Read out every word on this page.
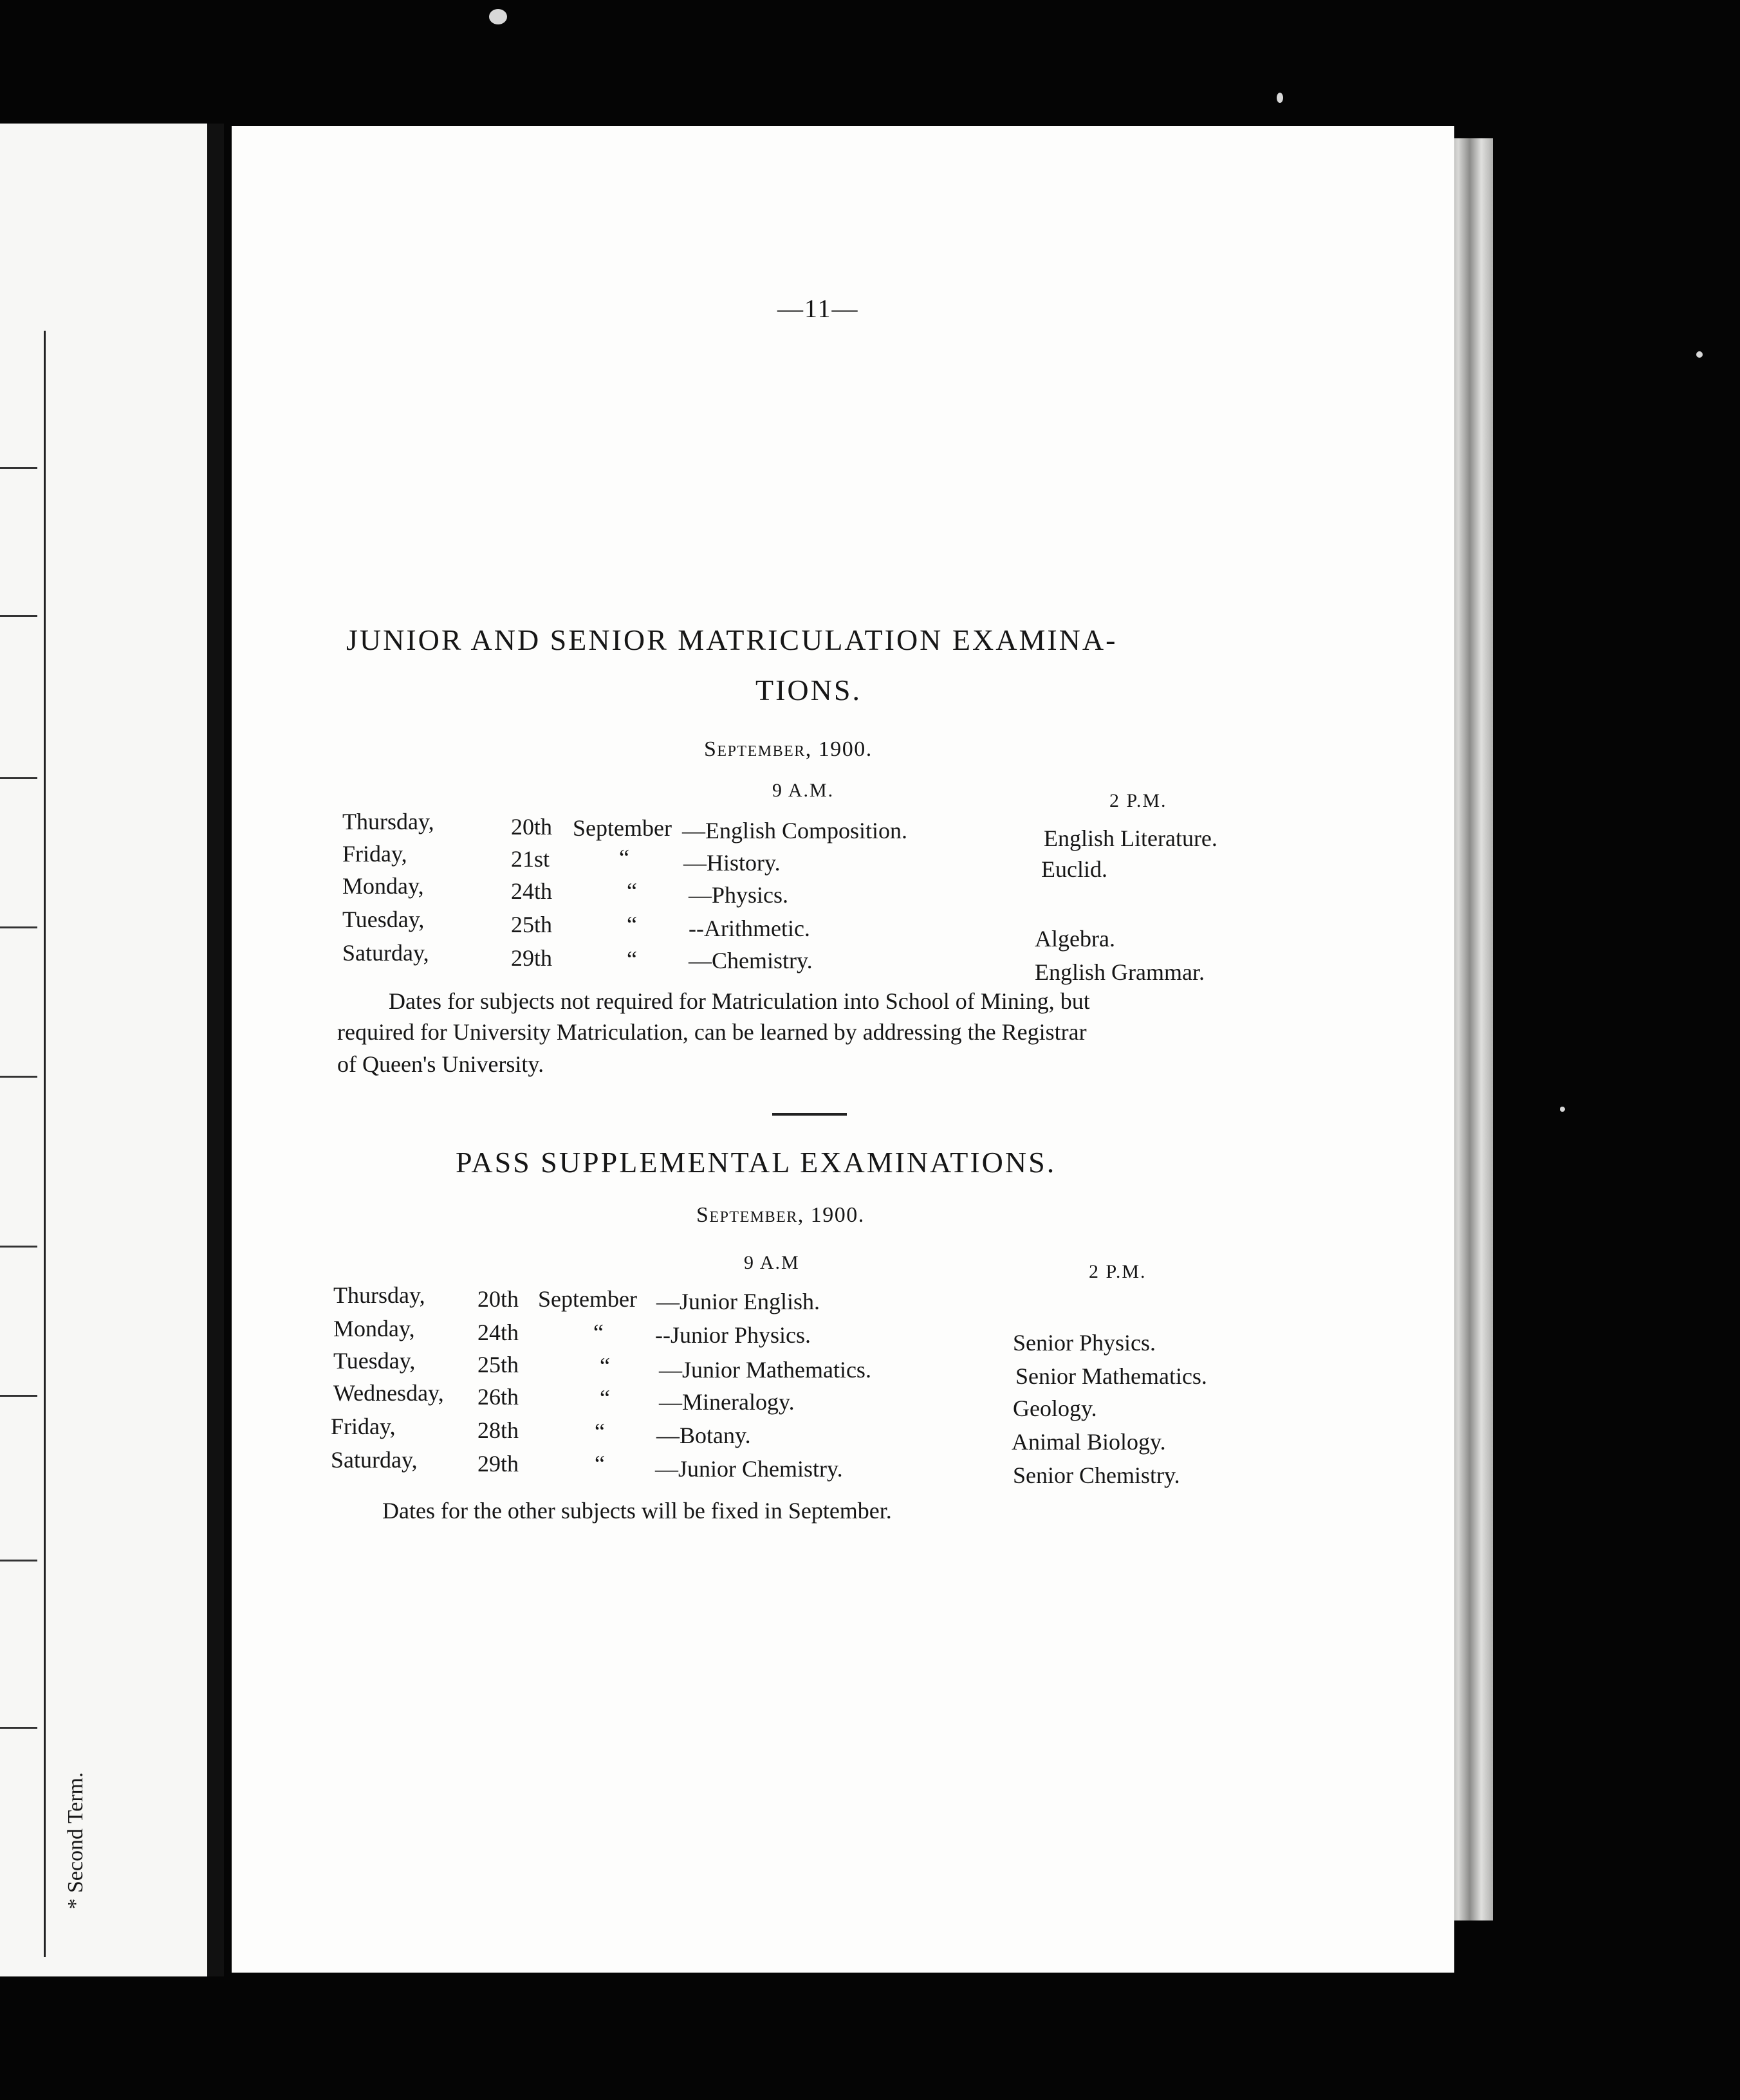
* Second Term.
—11—
JUNIOR AND SENIOR MATRICULATION EXAMINA-
TIONS.
September, 1900.
9 A.M.	2 P.M.
Thursday,	20th September —English Composition.	English Literature.
Friday,	21st	“ —History.	Euclid.
Monday,	24th	“ —Physics.
Tuesday,	25th	“ --Arithmetic.	Algebra.
Saturday,	29th	“ —Chemistry.	English Grammar.
Dates for subjects not required for Matriculation into School of Mining, but
required for University Matriculation, can be learned by addressing the Registrar
of Queen's University.
PASS SUPPLEMENTAL EXAMINATIONS.
September, 1900.
9 A.M	2 P.M.
Thursday, 20th September —Junior English.
Monday,	24th	“ --Junior Physics.	Senior Physics.
Tuesday,	25th	“ —Junior Mathematics.	Senior Mathematics.
Wednesday, 26th	“ —Mineralogy.	Geology.
Friday,	28th	“ —Botany.	Animal Biology.
Saturday,	29th	“ —Junior Chemistry.	Senior Chemistry.
Dates for the other subjects will be fixed in September.
